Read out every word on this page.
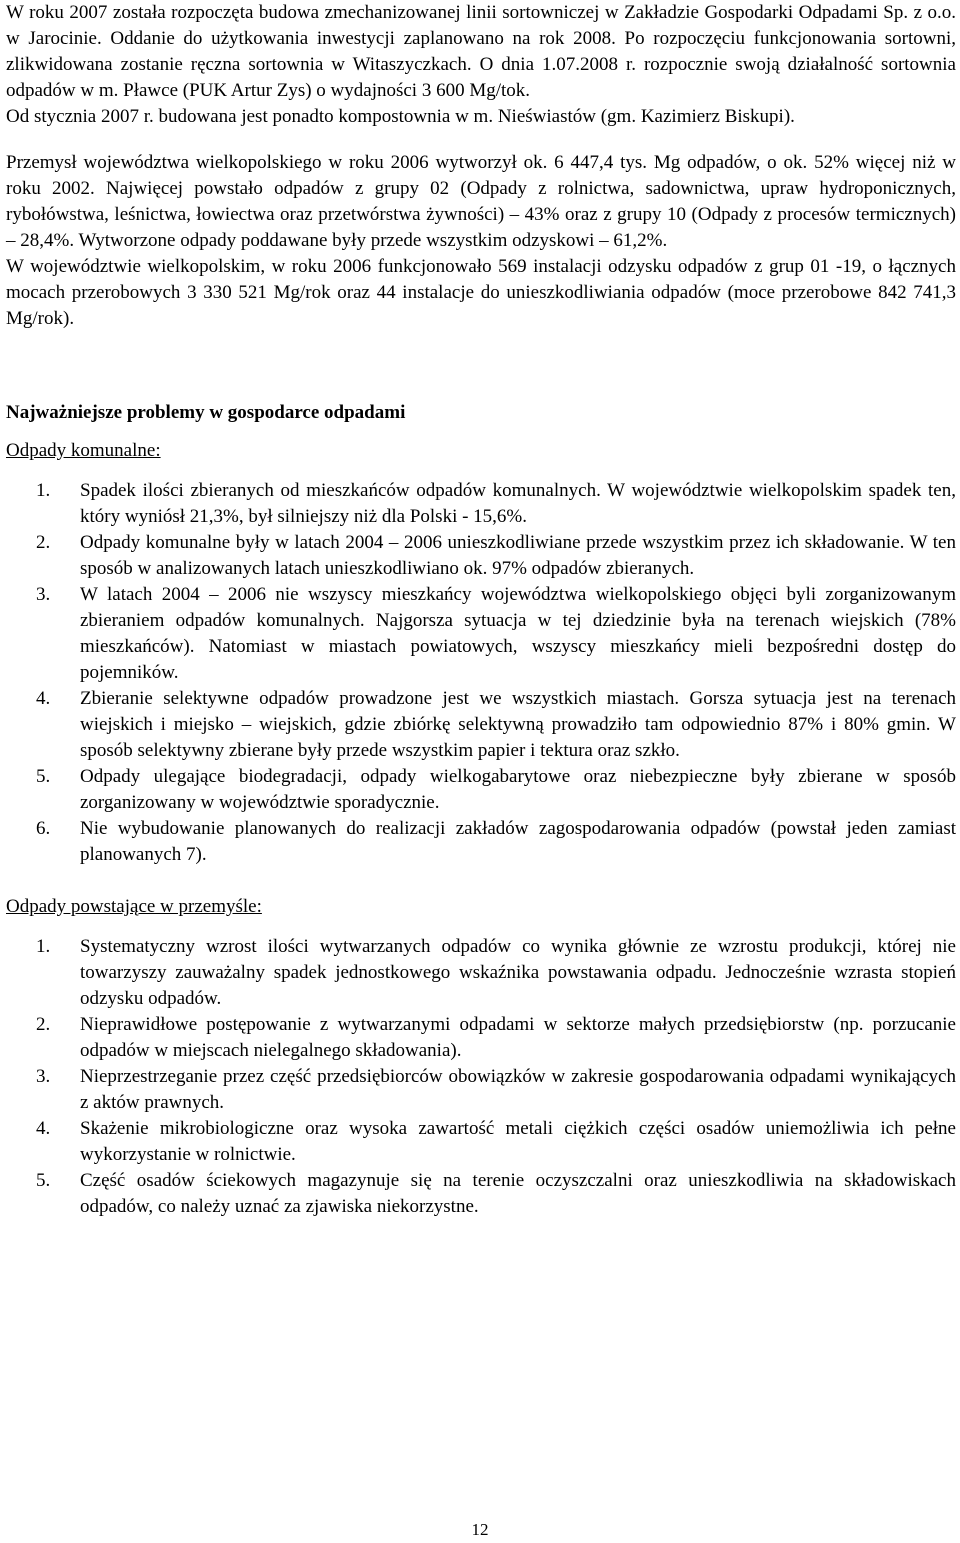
W roku 2007 została rozpoczęta budowa zmechanizowanej linii sortowniczej w Zakładzie Gospodarki Odpadami Sp. z o.o. w Jarocinie. Oddanie do użytkowania inwestycji zaplanowano na rok 2008. Po rozpoczęciu funkcjonowania sortowni, zlikwidowana zostanie ręczna sortownia w Witaszyczkach. O dnia 1.07.2008 r. rozpocznie swoją działalność sortownia odpadów w m. Pławce (PUK Artur Zys) o wydajności 3 600 Mg/tok.

Od stycznia 2007 r. budowana jest ponadto kompostownia w m. Nieświastów (gm. Kazimierz Biskupi).

Przemysł województwa wielkopolskiego w roku 2006 wytworzył ok. 6 447,4 tys. Mg odpadów, o ok. 52% więcej niż w roku 2002. Najwięcej powstało odpadów z grupy 02 (Odpady z rolnictwa, sadownictwa, upraw hydroponicznych, rybołówstwa, leśnictwa, łowiectwa oraz przetwórstwa żywności) – 43% oraz z grupy 10 (Odpady z procesów termicznych) – 28,4%. Wytworzone odpady poddawane były przede wszystkim odzyskowi – 61,2%.

W województwie wielkopolskim, w roku 2006 funkcjonowało 569 instalacji odzysku odpadów z grup 01 -19, o łącznych mocach przerobowych 3 330 521 Mg/rok oraz 44 instalacje do unieszkodliwiania odpadów (moce przerobowe 842 741,3 Mg/rok).

Najważniejsze problemy w gospodarce odpadami
Odpady komunalne:
1. Spadek ilości zbieranych od mieszkańców odpadów komunalnych. W województwie wielkopolskim spadek ten, który wyniósł 21,3%, był silniejszy niż dla Polski - 15,6%.
2. Odpady komunalne były w latach 2004 – 2006 unieszkodliwiane przede wszystkim przez ich składowanie. W ten sposób w analizowanych latach unieszkodliwiano ok. 97% odpadów zbieranych.
3. W latach 2004 – 2006 nie wszyscy mieszkańcy województwa wielkopolskiego objęci byli zorganizowanym zbieraniem odpadów komunalnych. Najgorsza sytuacja w tej dziedzinie była na terenach wiejskich (78% mieszkańców). Natomiast w miastach powiatowych, wszyscy mieszkańcy mieli bezpośredni dostęp do pojemników.
4. Zbieranie selektywne odpadów prowadzone jest we wszystkich miastach. Gorsza sytuacja jest na terenach wiejskich i miejsko – wiejskich, gdzie zbiórkę selektywną prowadziło tam odpowiednio 87% i 80% gmin. W sposób selektywny zbierane były przede wszystkim papier i tektura oraz szkło.
5. Odpady ulegające biodegradacji, odpady wielkogabarytowe oraz niebezpieczne były zbierane w sposób zorganizowany w województwie sporadycznie.
6. Nie wybudowanie planowanych do realizacji zakładów zagospodarowania odpadów (powstał jeden zamiast planowanych 7).
Odpady powstające w przemyśle:
1. Systematyczny wzrost ilości wytwarzanych odpadów co wynika głównie ze wzrostu produkcji, której nie towarzyszy zauważalny spadek jednostkowego wskaźnika powstawania odpadu. Jednocześnie wzrasta stopień odzysku odpadów.
2. Nieprawidłowe postępowanie z wytwarzanymi odpadami w sektorze małych przedsiębiorstw (np. porzucanie odpadów w miejscach nielegalnego składowania).
3. Nieprzestrzeganie przez część przedsiębiorców obowiązków w zakresie gospodarowania odpadami wynikających z aktów prawnych.
4. Skażenie mikrobiologiczne oraz wysoka zawartość metali ciężkich części osadów uniemożliwia ich pełne wykorzystanie w rolnictwie.
5. Część osadów ściekowych magazynuje się na terenie oczyszczalni oraz unieszkodliwia na składowiskach odpadów, co należy uznać za zjawiska niekorzystne.
12
